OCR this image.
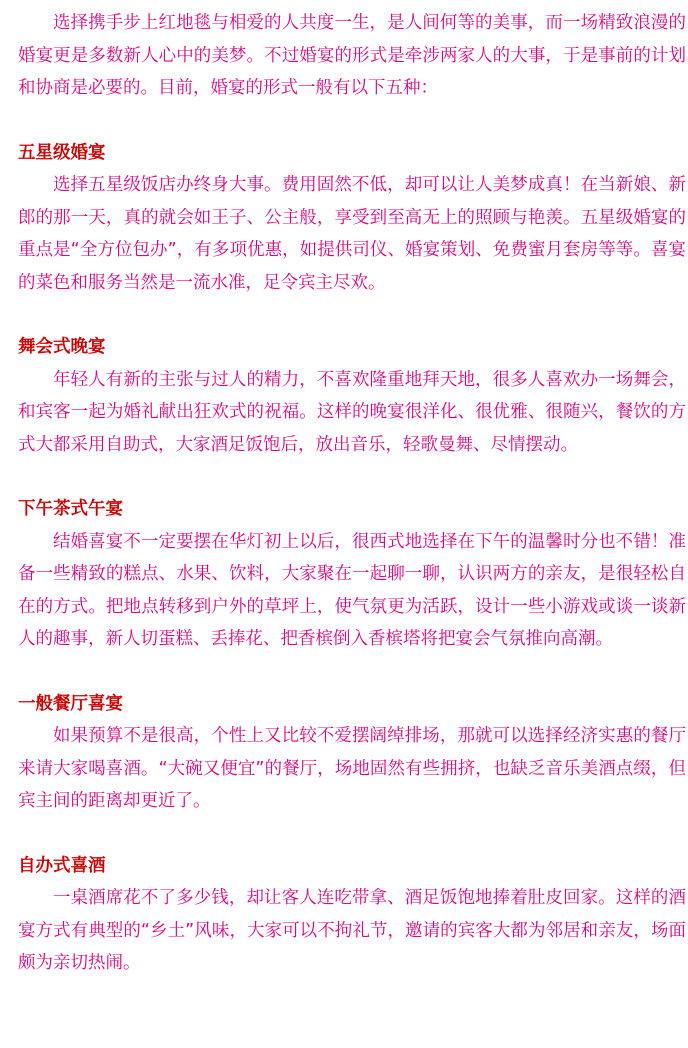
选择携手步上红地毯与相爱的人共度一生，是人间何等的美事，而一场精致浪漫的婚宴更是多数新人心中的美梦。不过婚宴的形式是牵涉两家人的大事，于是事前的计划和协商是必要的。目前，婚宴的形式一般有以下五种：

五星级婚宴

选择五星级饭店办终身大事。费用固然不低，却可以让人美梦成真！在当新娘、新郎的那一天，真的就会如王子、公主般，享受到至高无上的照顾与艳羡。五星级婚宴的重点是“全方位包办”，有多项优惠，如提供司仪、婚宴策划、免费蜜月套房等等。喜宴的菜色和服务当然是一流水准，足令宾主尽欢。

舞会式晚宴

年轻人有新的主张与过人的精力，不喜欢隆重地拜天地，很多人喜欢办一场舞会，和宾客一起为婚礼献出狂欢式的祝福。这样的晚宴很洋化、很优雅、很随兴，餐饮的方式大都采用自助式，大家酒足饭饱后，放出音乐，轻歌曼舞、尽情摆动。

下午茶式午宴

结婚喜宴不一定要摆在华灯初上以后，很西式地选择在下午的温馨时分也不错！准备一些精致的糕点、水果、饮料，大家聚在一起聊一聊，认识两方的亲友，是很轻松自在的方式。把地点转移到户外的草坪上，使气氛更为活跃，设计一些小游戏或谈一谈新人的趣事，新人切蛋糕、丢捧花、把香槟倒入香槟塔将把宴会气氛推向高潮。

一般餐厅喜宴

如果预算不是很高，个性上又比较不爱摆阔绰排场，那就可以选择经济实惠的餐厅来请大家喝喜酒。“大碗又便宜”的餐厅，场地固然有些拥挤，也缺乏音乐美酒点缀，但宾主间的距离却更近了。

自办式喜酒

一桌酒席花不了多少钱，却让客人连吃带拿、酒足饭饱地捧着肚皮回家。这样的酒宴方式有典型的“乡土”风味，大家可以不拘礼节，邀请的宾客大都为邻居和亲友，场面颇为亲切热闹。
